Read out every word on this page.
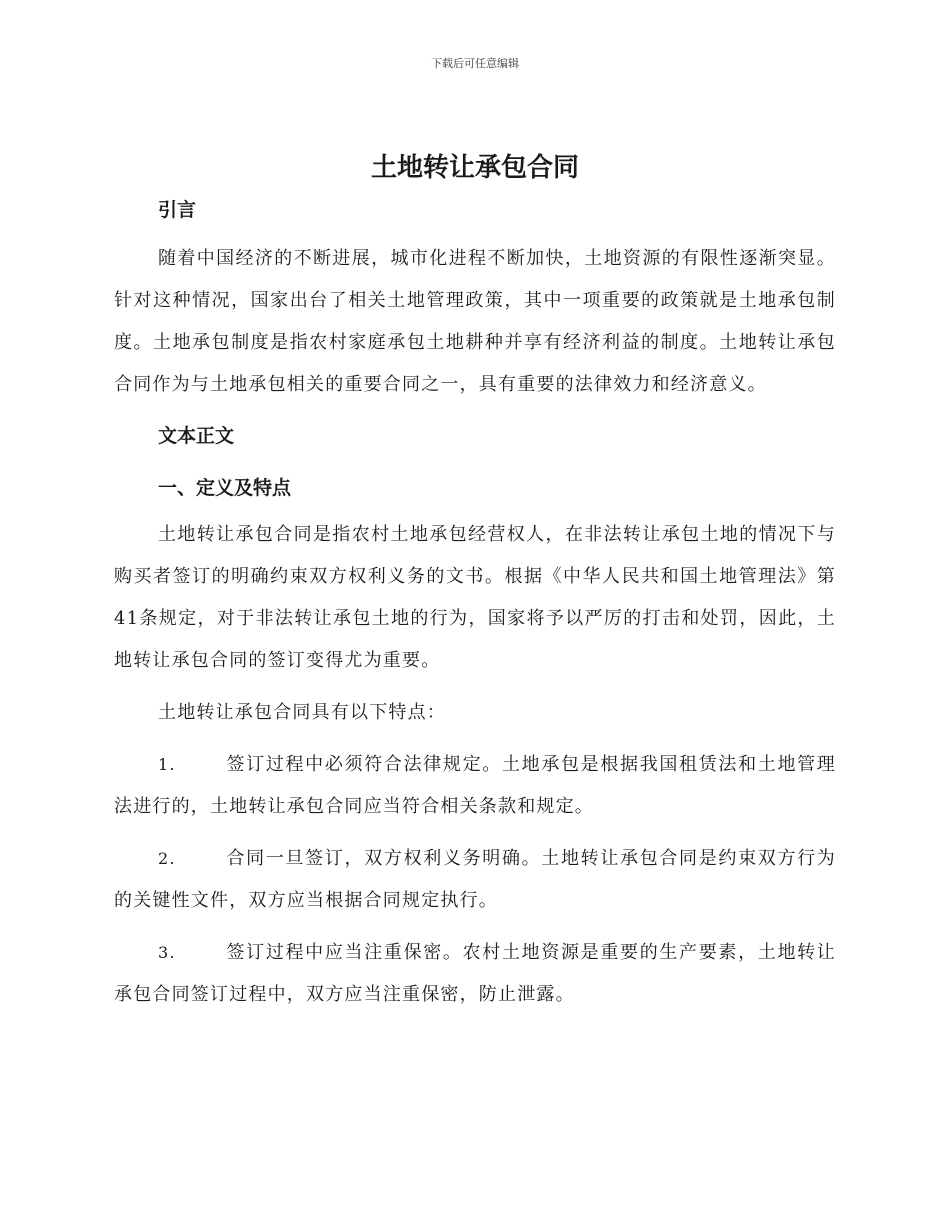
下载后可任意编辑
土地转让承包合同

引言

随着中国经济的不断进展，城市化进程不断加快，土地资源的有限性逐渐突显。针对这种情况，国家出台了相关土地管理政策，其中一项重要的政策就是土地承包制度。土地承包制度是指农村家庭承包土地耕种并享有经济利益的制度。土地转让承包合同作为与土地承包相关的重要合同之一，具有重要的法律效力和经济意义。

文本正文

一、定义及特点

土地转让承包合同是指农村土地承包经营权人，在非法转让承包土地的情况下与购买者签订的明确约束双方权利义务的文书。根据《中华人民共和国土地管理法》第41条规定，对于非法转让承包土地的行为，国家将予以严厉的打击和处罚，因此，土地转让承包合同的签订变得尤为重要。

土地转让承包合同具有以下特点：

1.	签订过程中必须符合法律规定。土地承包是根据我国租赁法和土地管理法进行的，土地转让承包合同应当符合相关条款和规定。

2.	合同一旦签订，双方权利义务明确。土地转让承包合同是约束双方行为的关键性文件，双方应当根据合同规定执行。

3.	签订过程中应当注重保密。农村土地资源是重要的生产要素，土地转让承包合同签订过程中，双方应当注重保密，防止泄露。
